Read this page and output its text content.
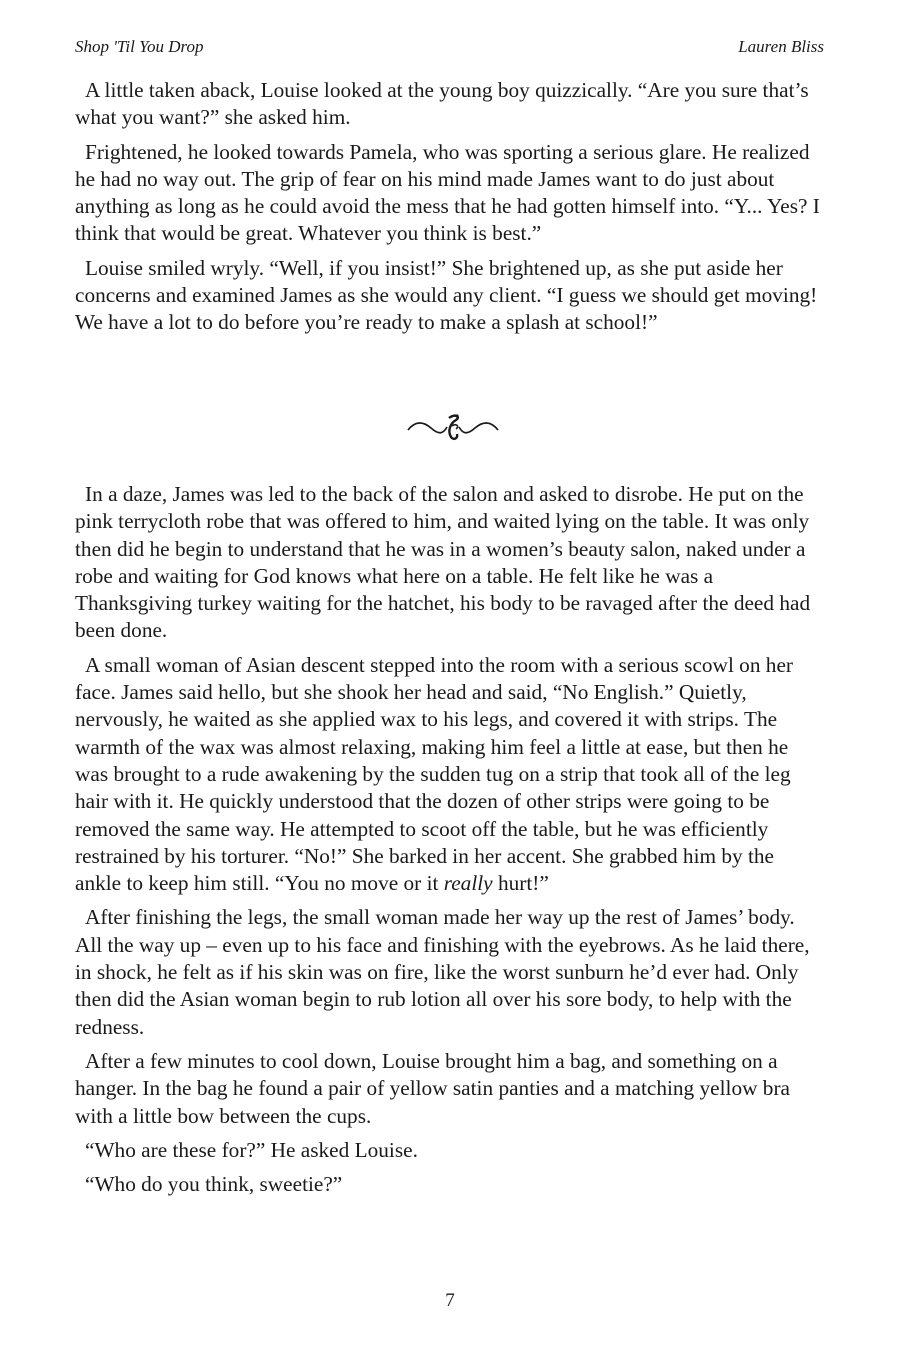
Shop 'Til You Drop	Lauren Bliss

A little taken aback, Louise looked at the young boy quizzically. “Are you sure that’s what you want?” she asked him.

Frightened, he looked towards Pamela, who was sporting a serious glare. He realized he had no way out. The grip of fear on his mind made James want to do just about anything as long as he could avoid the mess that he had gotten himself into. “Y... Yes? I think that would be great. Whatever you think is best.”

Louise smiled wryly. “Well, if you insist!” She brightened up, as she put aside her concerns and examined James as she would any client. “I guess we should get moving! We have a lot to do before you’re ready to make a splash at school!”

In a daze, James was led to the back of the salon and asked to disrobe. He put on the pink terrycloth robe that was offered to him, and waited lying on the table. It was only then did he begin to understand that he was in a women’s beauty salon, naked under a robe and waiting for God knows what here on a table. He felt like he was a Thanksgiving turkey waiting for the hatchet, his body to be ravaged after the deed had been done.

A small woman of Asian descent stepped into the room with a serious scowl on her face. James said hello, but she shook her head and said, “No English.” Quietly, nervously, he waited as she applied wax to his legs, and covered it with strips. The warmth of the wax was almost relaxing, making him feel a little at ease, but then he was brought to a rude awakening by the sudden tug on a strip that took all of the leg hair with it. He quickly understood that the dozen of other strips were going to be removed the same way. He attempted to scoot off the table, but he was efficiently restrained by his torturer. “No!” She barked in her accent. She grabbed him by the ankle to keep him still. “You no move or it really hurt!”

After finishing the legs, the small woman made her way up the rest of James’ body. All the way up – even up to his face and finishing with the eyebrows. As he laid there, in shock, he felt as if his skin was on fire, like the worst sunburn he’d ever had. Only then did the Asian woman begin to rub lotion all over his sore body, to help with the redness.

After a few minutes to cool down, Louise brought him a bag, and something on a hanger. In the bag he found a pair of yellow satin panties and a matching yellow bra with a little bow between the cups.

“Who are these for?” He asked Louise.

“Who do you think, sweetie?”

7
